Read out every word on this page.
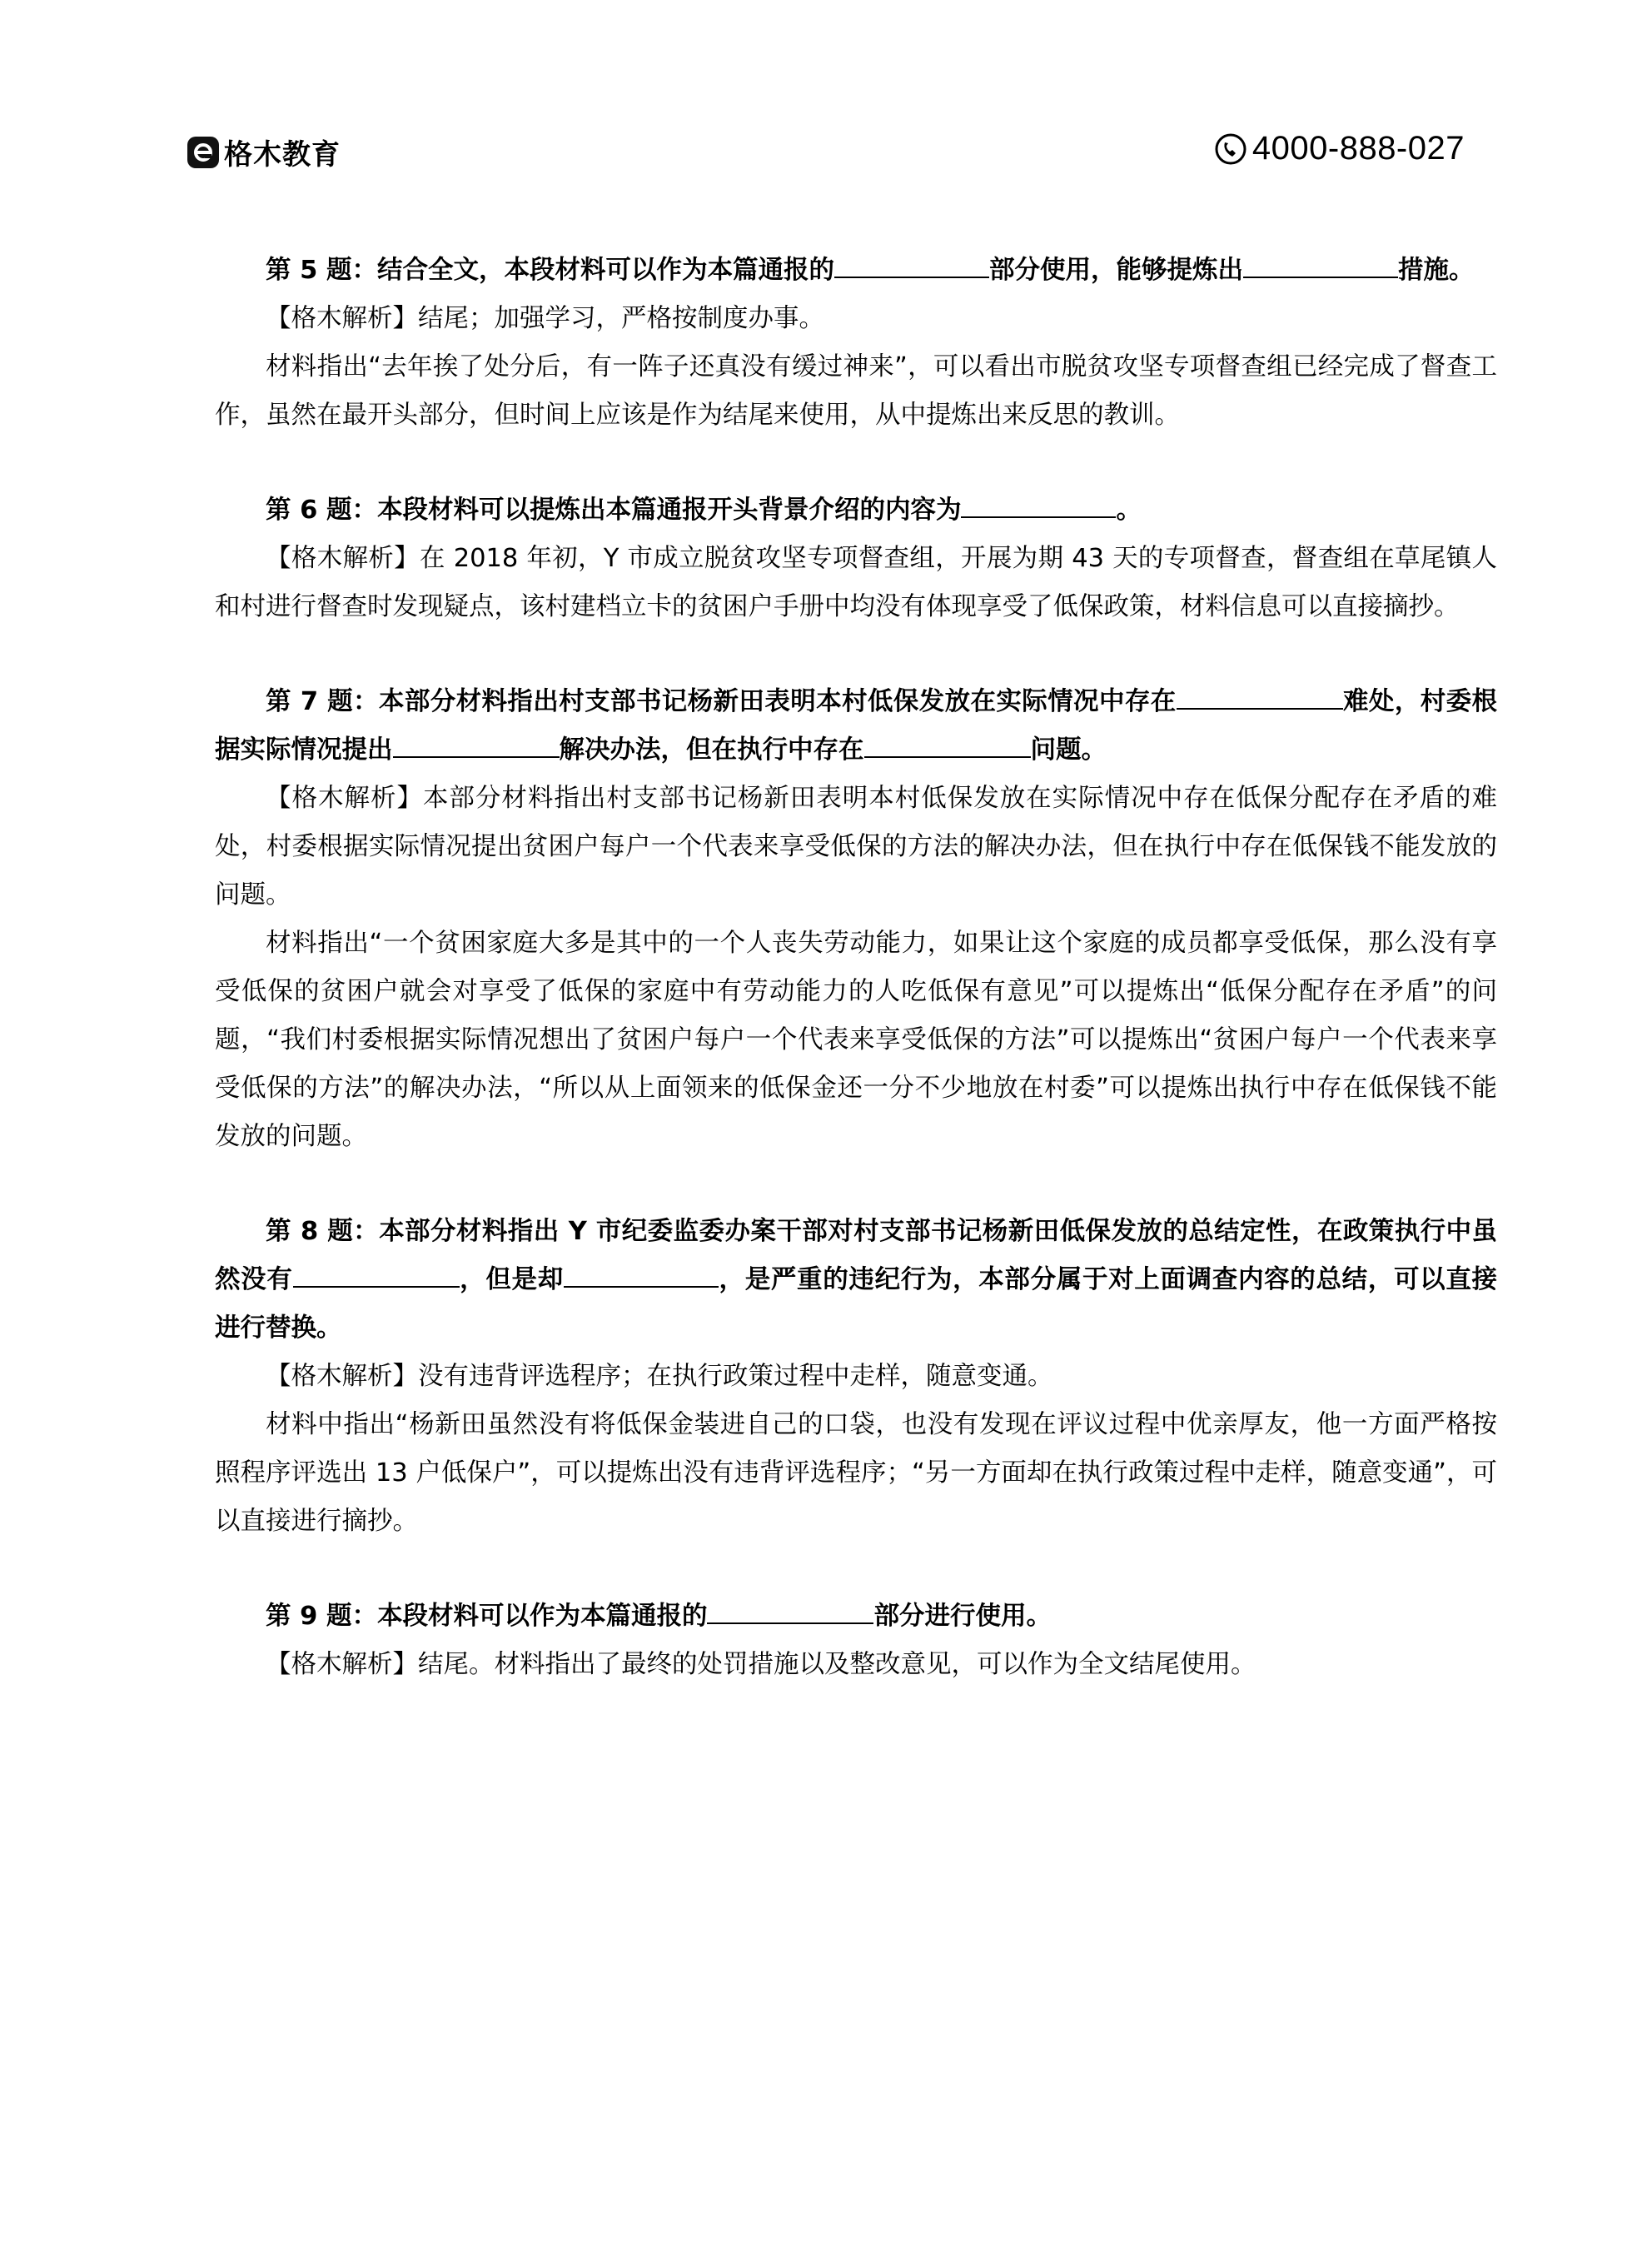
格木教育	4000-888-027

第 5 题：结合全文，本段材料可以作为本篇通报的	部分使用，能够提炼出	措施。

【格木解析】结尾；加强学习，严格按制度办事。

材料指出“去年挨了处分后，有一阵子还真没有缓过神来”，可以看出市脱贫攻坚专项督查组已经完成了督查工作，虽然在最开头部分，但时间上应该是作为结尾来使用，从中提炼出来反思的教训。

第 6 题：本段材料可以提炼出本篇通报开头背景介绍的内容为	。

【格木解析】在 2018 年初，Y 市成立脱贫攻坚专项督查组，开展为期 43 天的专项督查，督查组在草尾镇人和村进行督查时发现疑点，该村建档立卡的贫困户手册中均没有体现享受了低保政策，材料信息可以直接摘抄。

第 7 题：本部分材料指出村支部书记杨新田表明本村低保发放在实际情况中存在	难处，村委根据实际情况提出	解决办法，但在执行中存在	问题。

【格木解析】本部分材料指出村支部书记杨新田表明本村低保发放在实际情况中存在低保分配存在矛盾的难处，村委根据实际情况提出贫困户每户一个代表来享受低保的方法的解决办法，但在执行中存在低保钱不能发放的问题。

材料指出“一个贫困家庭大多是其中的一个人丧失劳动能力，如果让这个家庭的成员都享受低保，那么没有享受低保的贫困户就会对享受了低保的家庭中有劳动能力的人吃低保有意见”可以提炼出“低保分配存在矛盾”的问题，“我们村委根据实际情况想出了贫困户每户一个代表来享受低保的方法”可以提炼出“贫困户每户一个代表来享受低保的方法”的解决办法，“所以从上面领来的低保金还一分不少地放在村委”可以提炼出执行中存在低保钱不能发放的问题。

第 8 题：本部分材料指出 Y 市纪委监委办案干部对村支部书记杨新田低保发放的总结定性，在政策执行中虽然没有	，但是却	，是严重的违纪行为，本部分属于对上面调查内容的总结，可以直接进行替换。

【格木解析】没有违背评选程序；在执行政策过程中走样，随意变通。

材料中指出“杨新田虽然没有将低保金装进自己的口袋，也没有发现在评议过程中优亲厚友，他一方面严格按照程序评选出 13 户低保户”，可以提炼出没有违背评选程序；“另一方面却在执行政策过程中走样，随意变通”，可以直接进行摘抄。

第 9 题：本段材料可以作为本篇通报的	部分进行使用。

【格木解析】结尾。材料指出了最终的处罚措施以及整改意见，可以作为全文结尾使用。
